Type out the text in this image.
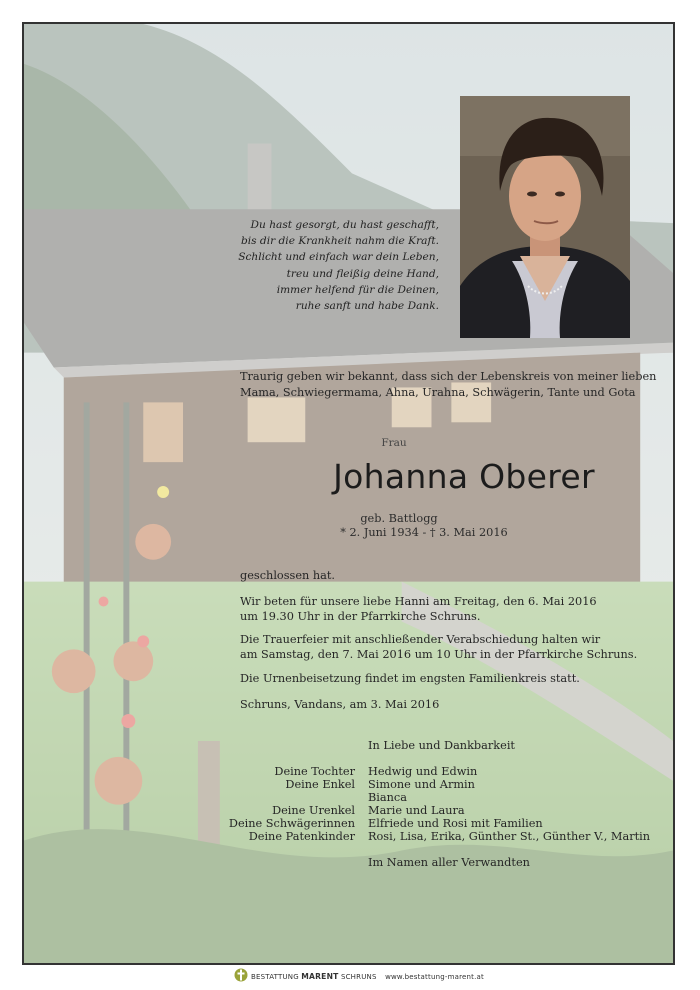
Du hast gesorgt, du hast geschafft,
bis dir die Krankheit nahm die Kraft.
Schlicht und einfach war dein Leben,
treu und fleißig deine Hand,
immer helfend für die Deinen,
ruhe sanft und habe Dank.
Traurig geben wir bekannt, dass sich der Lebenskreis von meiner lieben
Mama, Schwiegermama, Ahna, Urahna, Schwägerin, Tante und Gota
Frau
Johanna Oberer
geb. Battlogg
* 2. Juni 1934 - † 3. Mai 2016
geschlossen hat.
Wir beten für unsere liebe Hanni am Freitag, den 6. Mai 2016
um 19.30 Uhr in der Pfarrkirche Schruns.
Die Trauerfeier mit anschließender Verabschiedung halten wir
am Samstag, den 7. Mai 2016 um 10 Uhr in der Pfarrkirche Schruns.
Die Urnenbeisetzung findet im engsten Familienkreis statt.
Schruns, Vandans, am 3. Mai 2016
In Liebe und Dankbarkeit
Deine Tochter Hedwig und Edwin
Deine Enkel Simone und Armin
Bianca
Deine Urenkel Marie und Laura
Deine Schwägerinnen Elfriede und Rosi mit Familien
Deine Patenkinder Rosi, Lisa, Erika, Günther St., Günther V., Martin
Im Namen aller Verwandten
BESTATTUNG MARENT SCHRUNS www.bestattung-marent.at
